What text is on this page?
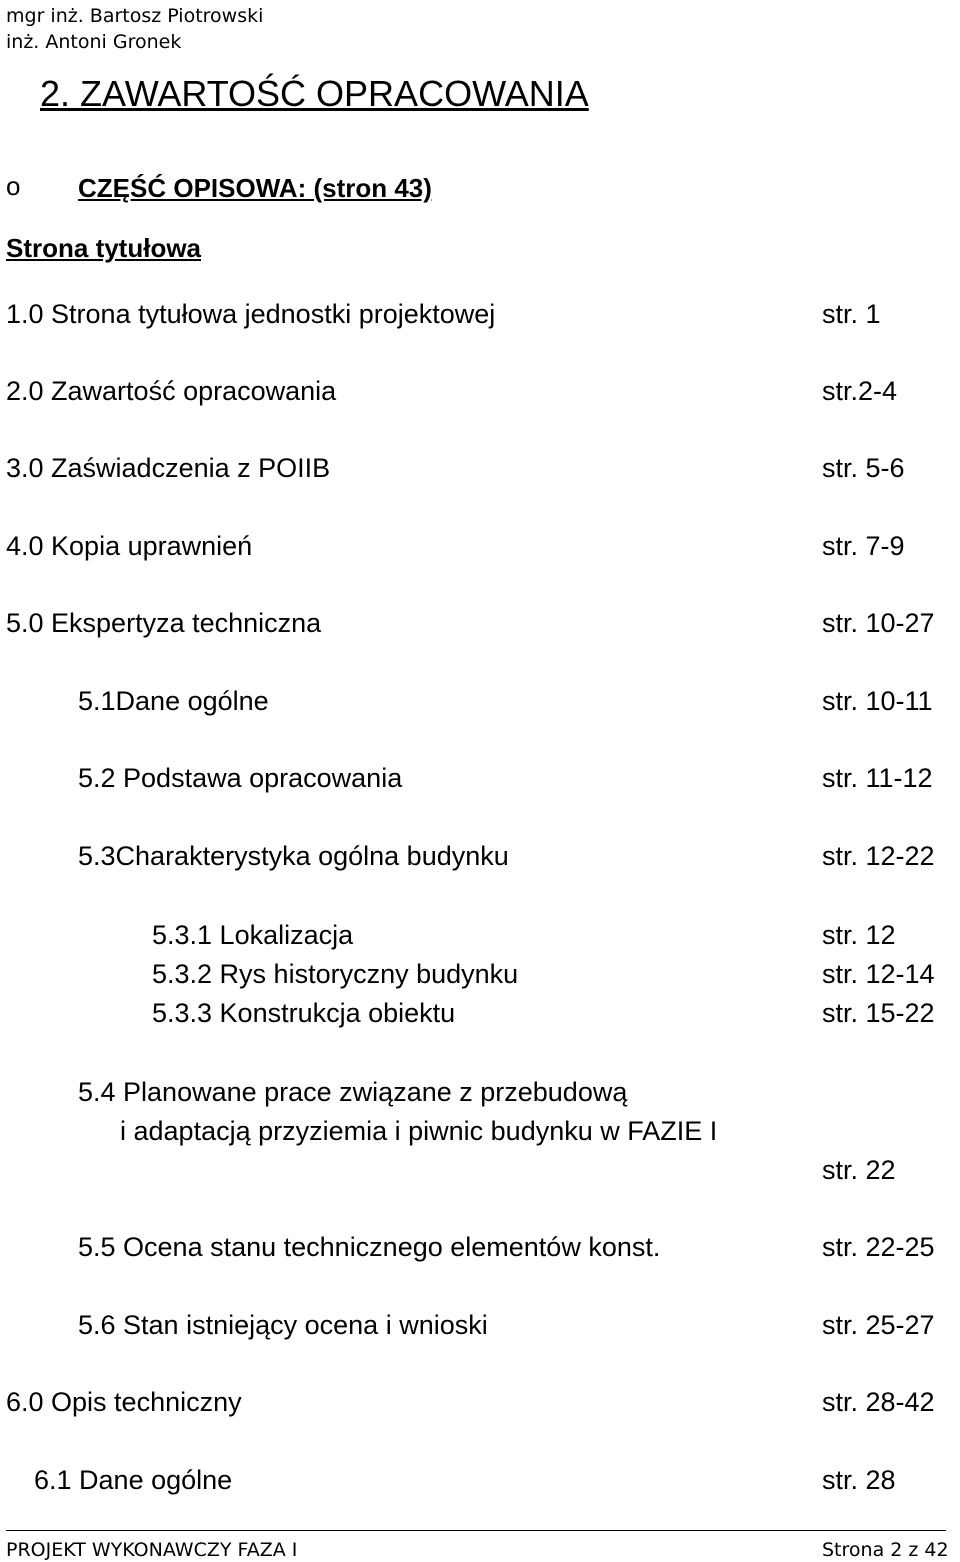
mgr inż. Bartosz Piotrowski
inż. Antoni Gronek
2. ZAWARTOŚĆ OPRACOWANIA
o CZĘŚĆ OPISOWA: (stron 43)
Strona tytułowa
1.0 Strona tytułowa jednostki projektowej	str. 1
2.0 Zawartość opracowania	str.2-4
3.0 Zaświadczenia z POIIB	str. 5-6
4.0 Kopia uprawnień	str. 7-9
5.0 Ekspertyza techniczna	str. 10-27
5.1Dane ogólne	str. 10-11
5.2 Podstawa opracowania	str. 11-12
5.3Charakterystyka ogólna budynku	str. 12-22
5.3.1 Lokalizacja	str. 12
5.3.2 Rys historyczny budynku	str. 12-14
5.3.3 Konstrukcja obiektu	str. 15-22
5.4 Planowane prace związane z przebudową
i adaptacją przyziemia i piwnic budynku w FAZIE I
str. 22
5.5 Ocena stanu technicznego elementów konst.	str. 22-25
5.6 Stan istniejący ocena i wnioski	str. 25-27
6.0 Opis techniczny	str. 28-42
6.1 Dane ogólne	str. 28
PROJEKT WYKONAWCZY FAZA I	Strona 2 z 42
